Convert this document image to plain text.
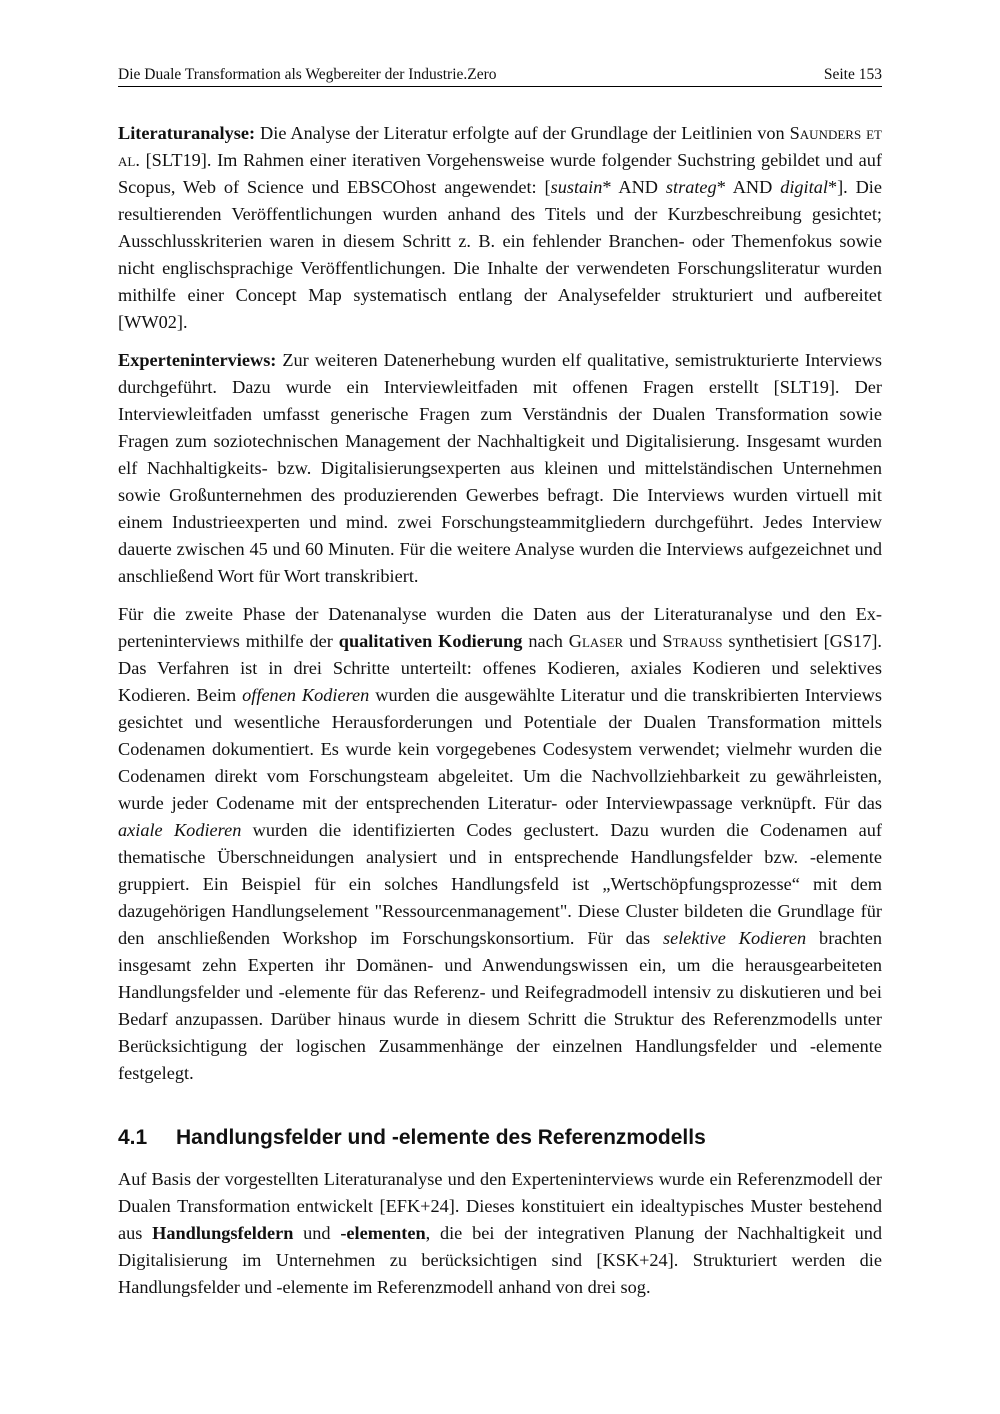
Die Duale Transformation als Wegbereiter der Industrie.Zero	Seite 153

Literaturanalyse: Die Analyse der Literatur erfolgte auf der Grundlage der Leitlinien von Saunders et al. [SLT19]. Im Rahmen einer iterativen Vorgehensweise wurde folgender Suchstring gebildet und auf Scopus, Web of Science und EBSCOhost angewendet: [sustain* AND strateg* AND digital*]. Die resultierenden Veröffentlichungen wurden anhand des Titels und der Kurzbeschreibung gesichtet; Ausschlusskriterien waren in diesem Schritt z. B. ein fehlender Branchen- oder Themenfokus sowie nicht englischsprachige Veröffentlichungen. Die Inhalte der verwendeten Forschungsliteratur wurden mithilfe einer Concept Map systematisch entlang der Analysefelder strukturiert und aufbereitet [WW02].

Experteninterviews: Zur weiteren Datenerhebung wurden elf qualitative, semistrukturierte Interviews durchgeführt. Dazu wurde ein Interviewleitfaden mit offenen Fragen erstellt [SLT19]. Der Interviewleitfaden umfasst generische Fragen zum Verständnis der Dualen Transformation sowie Fragen zum soziotechnischen Management der Nachhaltigkeit und Digitalisierung. Insgesamt wurden elf Nachhaltigkeits- bzw. Digitalisierungsexperten aus kleinen und mittelständischen Unternehmen sowie Großunternehmen des produzierenden Gewerbes befragt. Die Interviews wurden virtuell mit einem Industrieexperten und mind. zwei Forschungsteammitgliedern durchgeführt. Jedes Interview dauerte zwischen 45 und 60 Minuten. Für die weitere Analyse wurden die Interviews aufgezeichnet und anschließend Wort für Wort transkribiert.

Für die zweite Phase der Datenanalyse wurden die Daten aus der Literaturanalyse und den Experteninterviews mithilfe der qualitativen Kodierung nach Glaser und Strauss synthetisiert [GS17]. Das Verfahren ist in drei Schritte unterteilt: offenes Kodieren, axiales Kodieren und selektives Kodieren. Beim offenen Kodieren wurden die ausgewählte Literatur und die transkribierten Interviews gesichtet und wesentliche Herausforderungen und Potentiale der Dualen Transformation mittels Codenamen dokumentiert. Es wurde kein vorgegebenes Codesystem verwendet; vielmehr wurden die Codenamen direkt vom Forschungsteam abgeleitet. Um die Nachvollziehbarkeit zu gewährleisten, wurde jeder Codename mit der entsprechenden Literatur- oder Interviewpassage verknüpft. Für das axiale Kodieren wurden die identifizierten Codes geclustert. Dazu wurden die Codenamen auf thematische Überschneidungen analysiert und in entsprechende Handlungsfelder bzw. -elemente gruppiert. Ein Beispiel für ein solches Handlungsfeld ist „Wertschöpfungsprozesse“ mit dem dazugehörigen Handlungselement "Ressourcenmanagement". Diese Cluster bildeten die Grundlage für den anschließenden Workshop im Forschungskonsortium. Für das selektive Kodieren brachten insgesamt zehn Experten ihr Domänen- und Anwendungswissen ein, um die herausgearbeiteten Handlungsfelder und -elemente für das Referenz- und Reifegradmodell intensiv zu diskutieren und bei Bedarf anzupassen. Darüber hinaus wurde in diesem Schritt die Struktur des Referenzmodells unter Berücksichtigung der logischen Zusammenhänge der einzelnen Handlungsfelder und -elemente festgelegt.

4.1	Handlungsfelder und -elemente des Referenzmodells

Auf Basis der vorgestellten Literaturanalyse und den Experteninterviews wurde ein Referenzmodell der Dualen Transformation entwickelt [EFK+24]. Dieses konstituiert ein idealtypisches Muster bestehend aus Handlungsfeldern und -elementen, die bei der integrativen Planung der Nachhaltigkeit und Digitalisierung im Unternehmen zu berücksichtigen sind [KSK+24]. Strukturiert werden die Handlungsfelder und -elemente im Referenzmodell anhand von drei sog.
